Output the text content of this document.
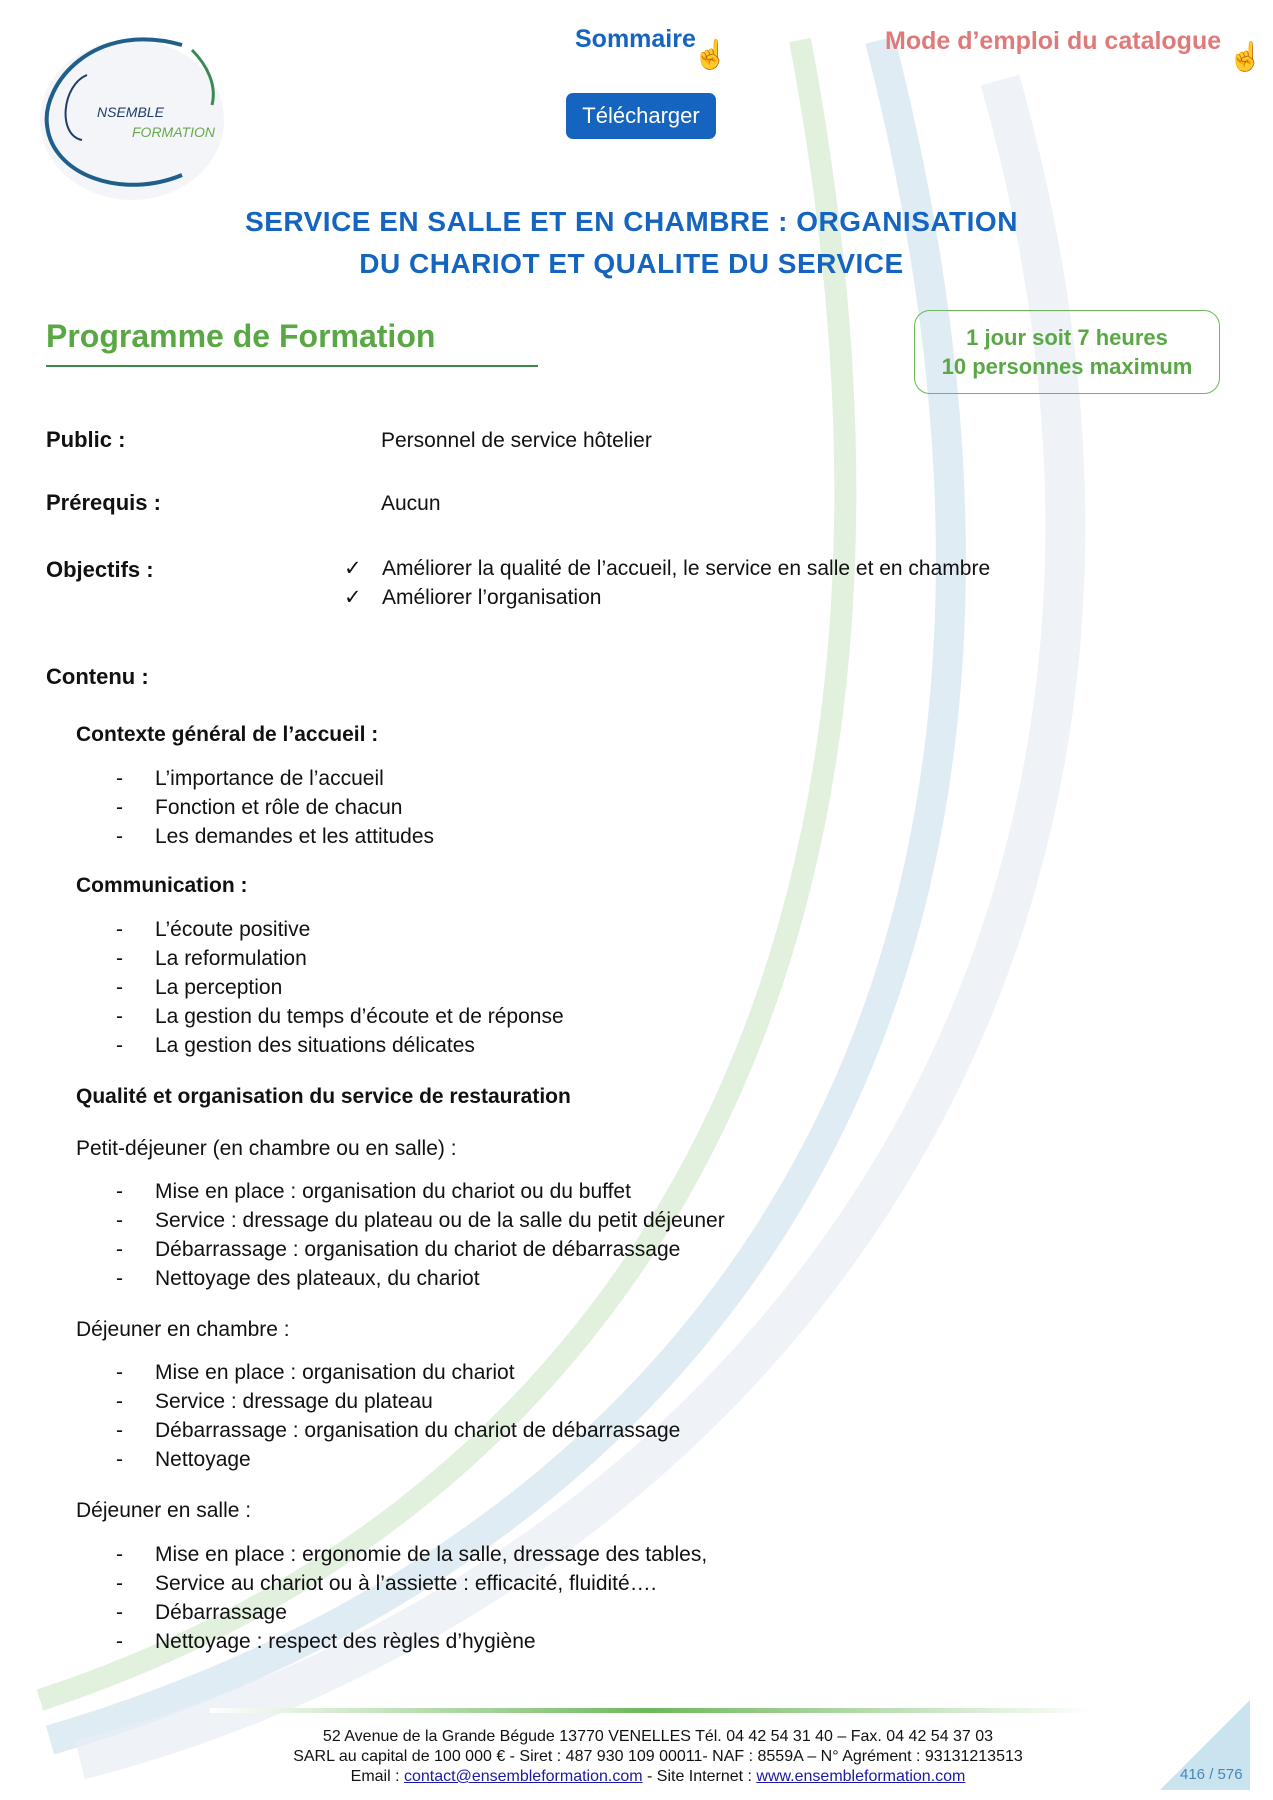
NSEMBLE
FORMATION
Sommaire
☝	Mode d’emploi du catalogue ☝
Télécharger
SERVICE EN SALLE ET EN CHAMBRE : ORGANISATION
DU CHARIOT ET QUALITE DU SERVICE
Programme de Formation	1 jour soit 7 heures
10 personnes maximum
Public :	Personnel de service hôtelier
Prérequis :	Aucun
Objectifs :	✓ Améliorer la qualité de l’accueil, le service en salle et en chambre
✓ Améliorer l’organisation
Contenu :
Contexte général de l’accueil :
- L’importance de l’accueil
- Fonction et rôle de chacun
- Les demandes et les attitudes
Communication :
- L’écoute positive
- La reformulation
- La perception
- La gestion du temps d’écoute et de réponse
- La gestion des situations délicates
Qualité et organisation du service de restauration
Petit-déjeuner (en chambre ou en salle) :
- Mise en place : organisation du chariot ou du buffet
- Service : dressage du plateau ou de la salle du petit déjeuner
- Débarrassage : organisation du chariot de débarrassage
- Nettoyage des plateaux, du chariot
Déjeuner en chambre :
- Mise en place : organisation du chariot
- Service : dressage du plateau
- Débarrassage : organisation du chariot de débarrassage
- Nettoyage
Déjeuner en salle :
- Mise en place : ergonomie de la salle, dressage des tables,
- Service au chariot ou à l’assiette : efficacité, fluidité….
- Débarrassage
- Nettoyage : respect des règles d’hygiène
52 Avenue de la Grande Bégude 13770 VENELLES Tél. 04 42 54 31 40 – Fax. 04 42 54 37 03
SARL au capital de 100 000 € - Siret : 487 930 109 00011- NAF : 8559A – N° Agrément : 93131213513
Email : contact@ensembleformation.com - Site Internet : www.ensembleformation.com	416 / 576
